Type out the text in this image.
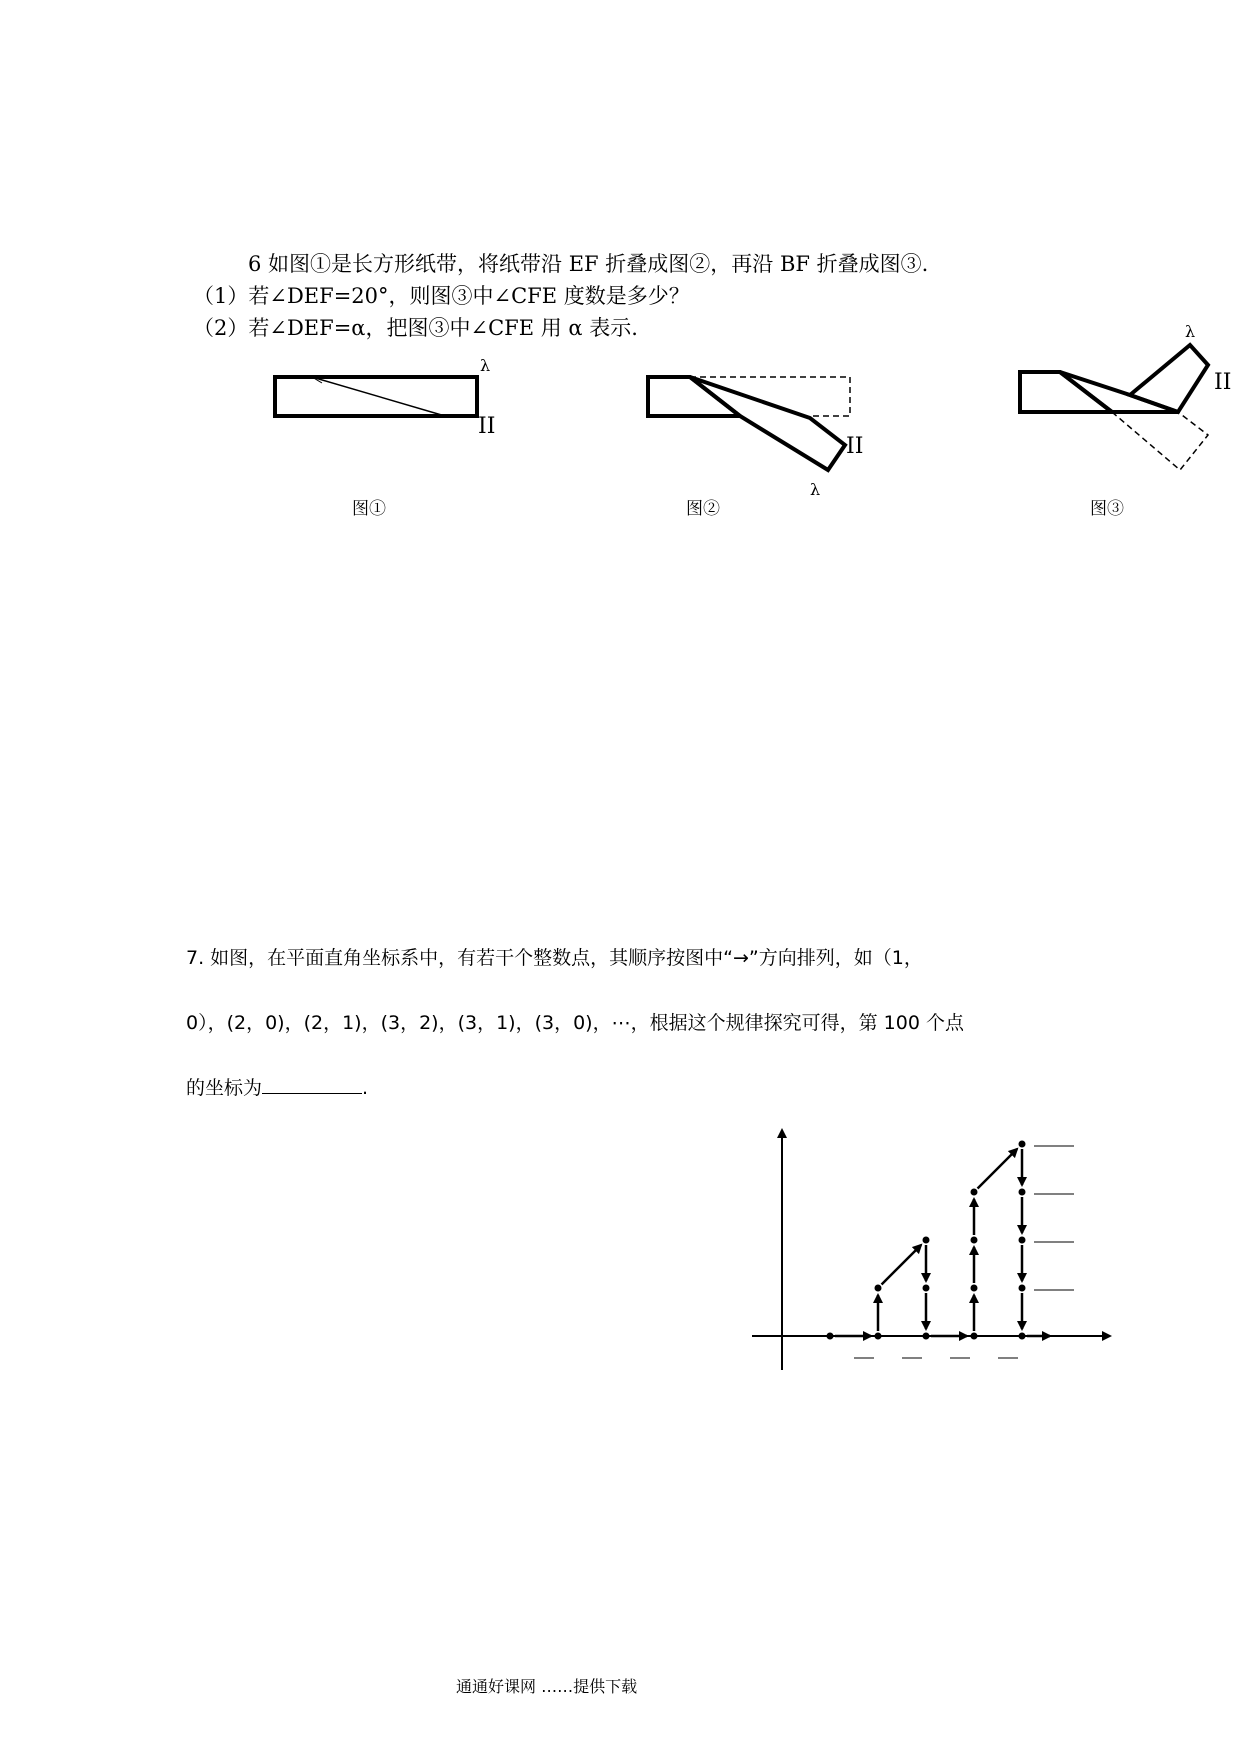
6 如图①是长方形纸带，将纸带沿 EF 折叠成图②，再沿 BF 折叠成图③.
（1）若∠DEF=20°，则图③中∠CFE 度数是多少？
（2）若∠DEF=α，把图③中∠CFE 用 α 表示.
λ
ΙΙ
图①
ΙΙ
λ
图②
λ
ΙΙ
图③
7. 如图，在平面直角坐标系中，有若干个整数点，其顺序按图中“→”方向排列，如（1，
0），(2，0)，(2，1)，(3，2)，(3，1)，(3，0)，⋯，根据这个规律探究可得，第 100 个点
的坐标为	.
通通好课网 ……提供下载
